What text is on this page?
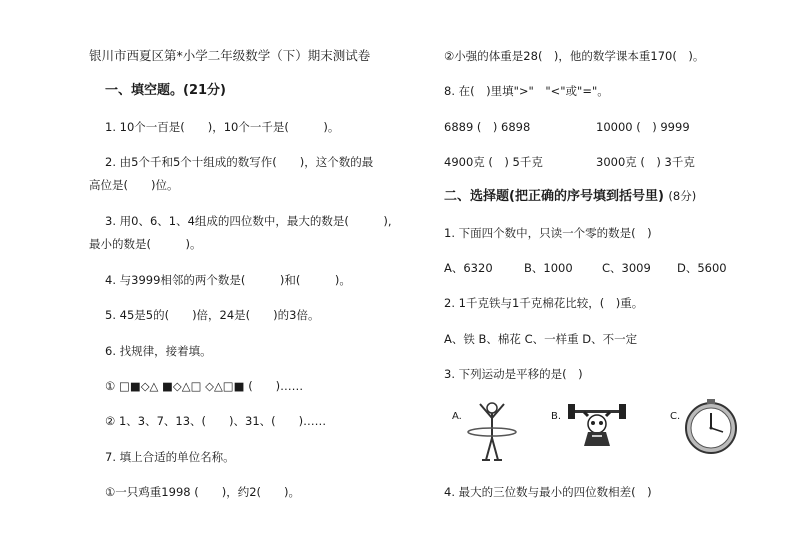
银川市西夏区第*小学二年级数学（下）期末测试卷
一、填空题。(21分)
1. 10个一百是(　　)，10个一千是(　　　)。
2. 由5个千和5个十组成的数写作(　　)，这个数的最
高位是(　　)位。
3. 用0、6、1、4组成的四位数中，最大的数是(　　　),
最小的数是(　　　)。
4. 与3999相邻的两个数是(　　　)和(　　　)。
5. 45是5的(　　)倍，24是(　　)的3倍。
6. 找规律，接着填。
① □■◇△ ■◇△□ ◇△□■ (　　)……
② 1、3、7、13、(　　)、31、(　　)……
7. 填上合适的单位名称。
①一只鸡重1998 (　　)，约2(　　)。
②小强的体重是28(　)，他的数学课本重170(　)。
8. 在(　)里填">"　"<"或"="。
6889 (　) 6898	10000 (　) 9999
4900克 (　) 5千克	3000克 (　) 3千克
二、选择题(把正确的序号填到括号里) (8分)
1. 下面四个数中，只读一个零的数是(　)
A、6320	B、1000	C、3009 D、5600
2. 1千克铁与1千克棉花比较，(　)重。
A、铁 B、棉花 C、一样重 D、不一定
3. 下列运动是平移的是(　)
A.	B.	C.
4. 最大的三位数与最小的四位数相差(　)
